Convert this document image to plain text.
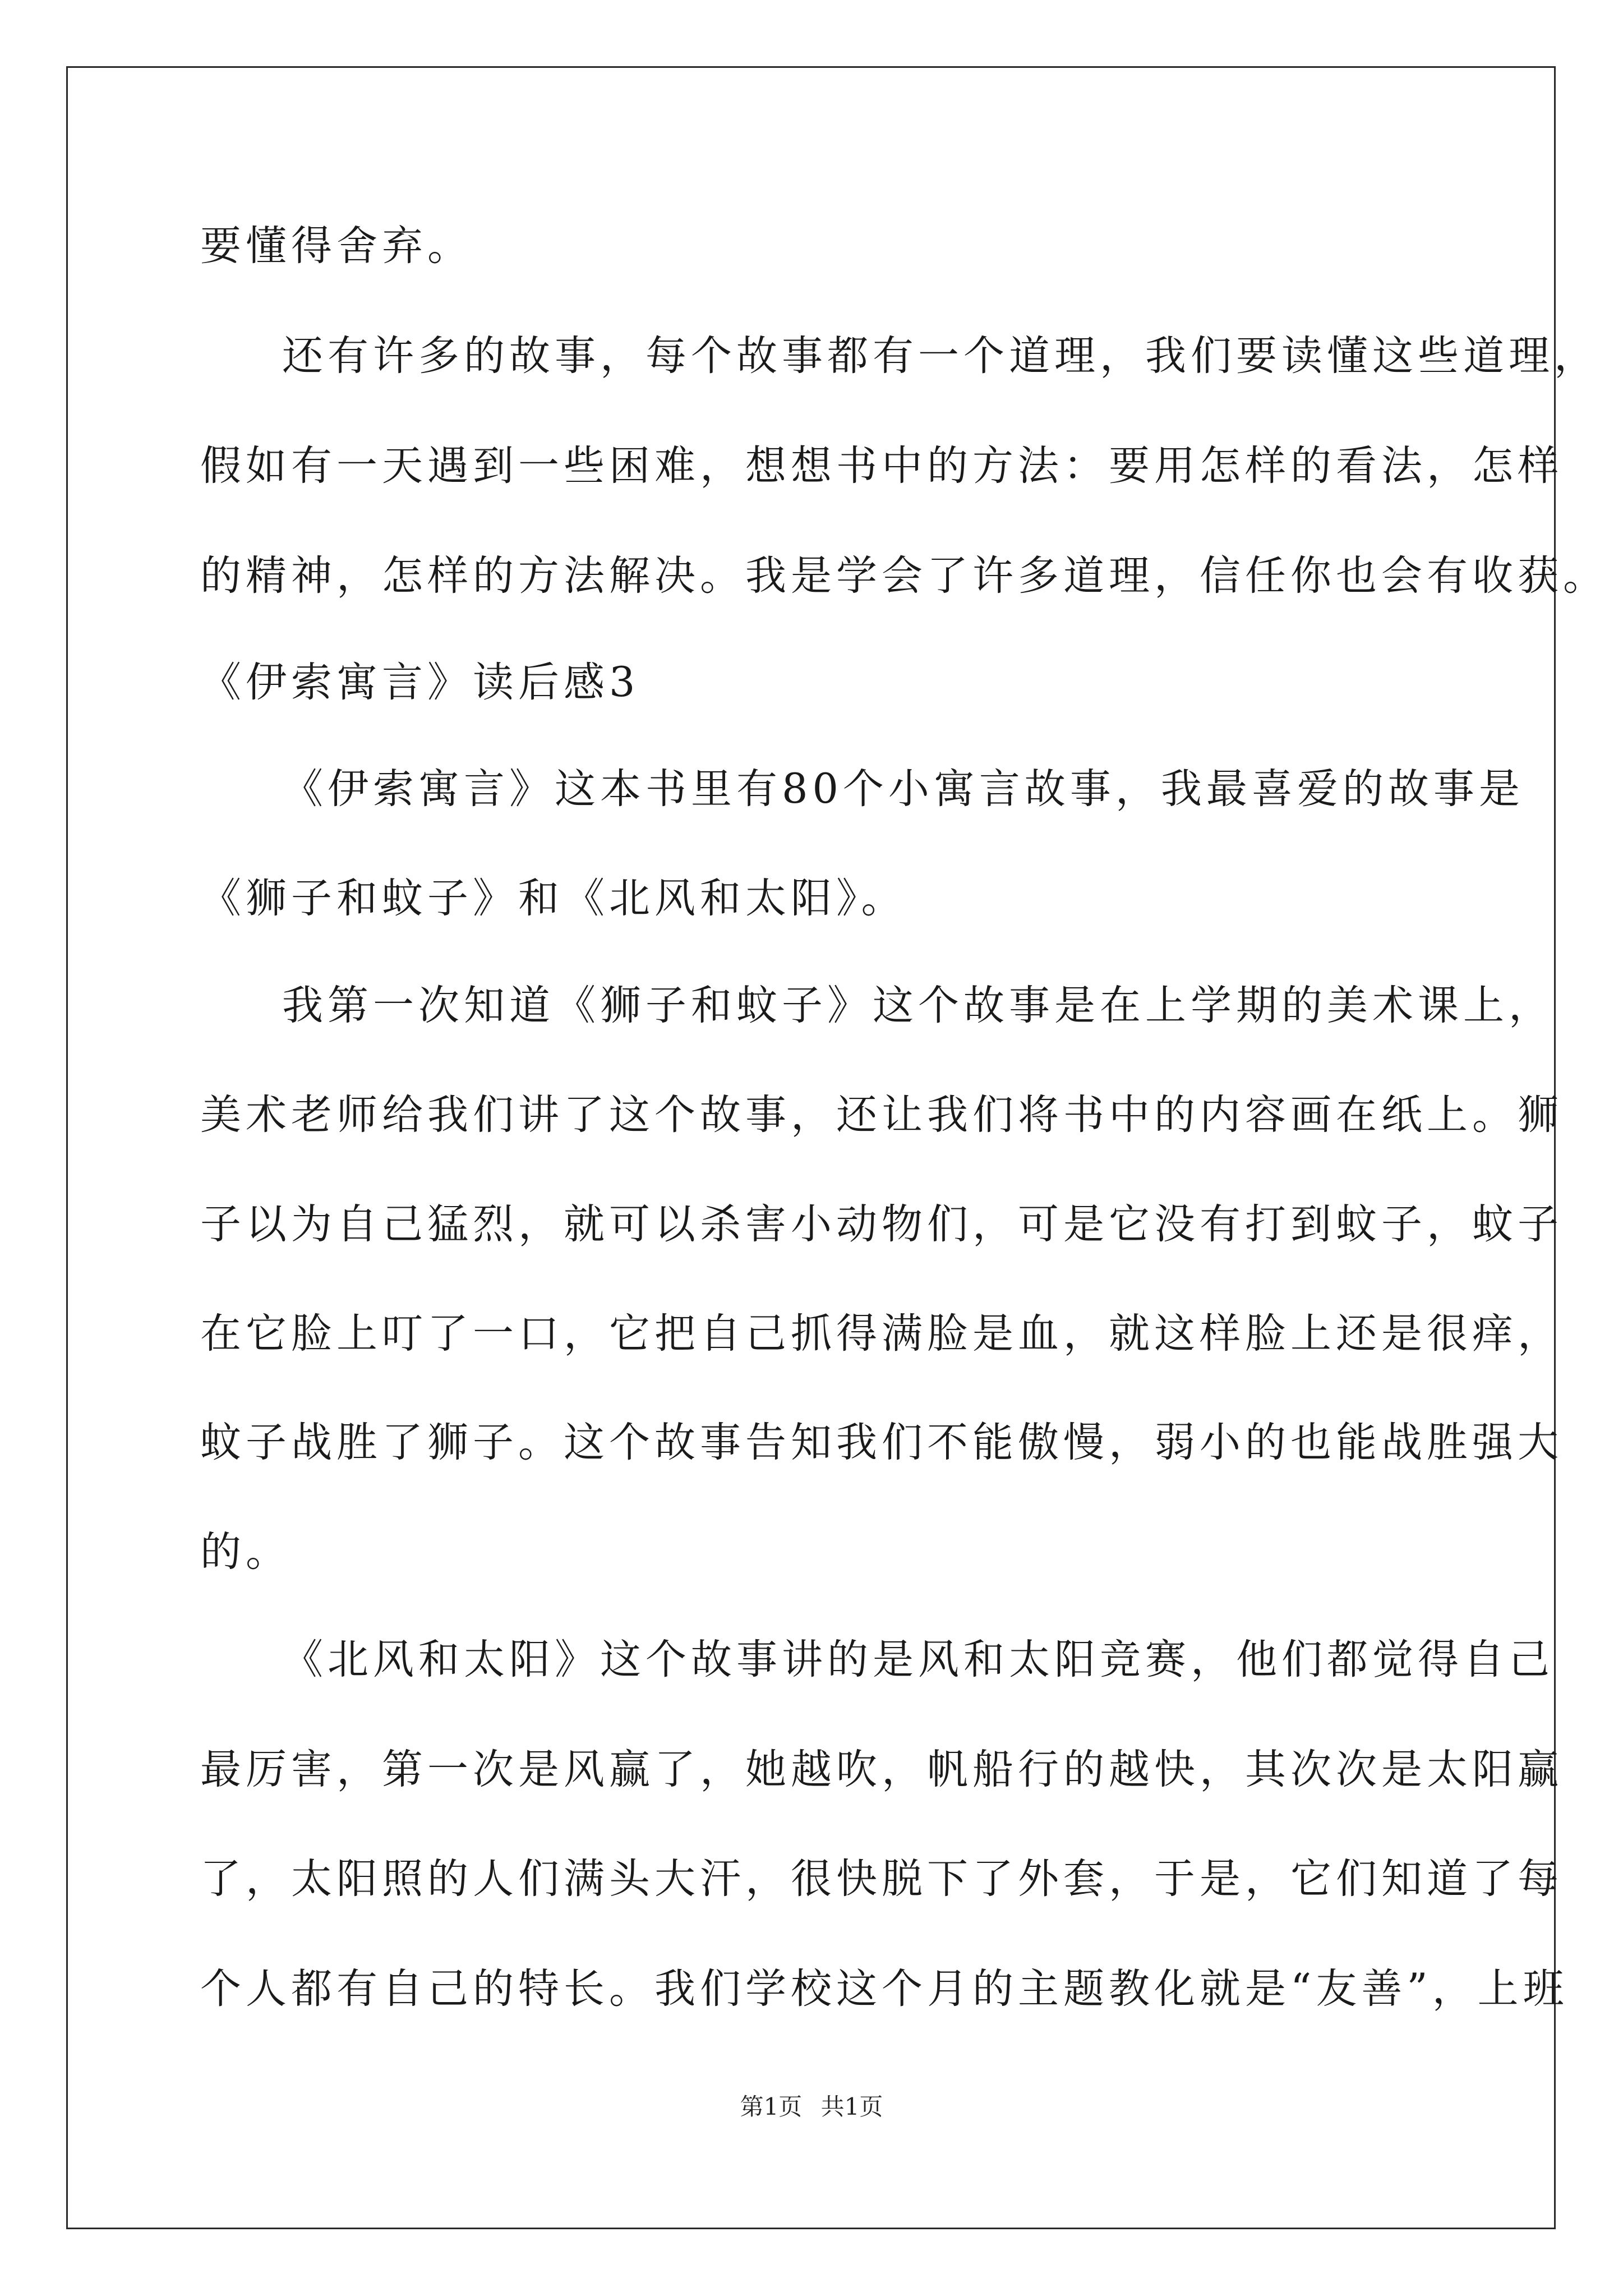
要懂得舍弃。
还有许多的故事，每个故事都有一个道理，我们要读懂这些道理，
假如有一天遇到一些困难，想想书中的方法：要用怎样的看法，怎样
的精神，怎样的方法解决。我是学会了许多道理，信任你也会有收获。
《伊索寓言》读后感3
《伊索寓言》这本书里有80个小寓言故事，我最喜爱的故事是
《狮子和蚊子》和《北风和太阳》。
我第一次知道《狮子和蚊子》这个故事是在上学期的美术课上，
美术老师给我们讲了这个故事，还让我们将书中的内容画在纸上。狮
子以为自己猛烈，就可以杀害小动物们，可是它没有打到蚊子，蚊子
在它脸上叮了一口，它把自己抓得满脸是血，就这样脸上还是很痒，
蚊子战胜了狮子。这个故事告知我们不能傲慢，弱小的也能战胜强大
的。
《北风和太阳》这个故事讲的是风和太阳竞赛，他们都觉得自己
最厉害，第一次是风赢了，她越吹，帆船行的越快，其次次是太阳赢
了，太阳照的人们满头大汗，很快脱下了外套，于是，它们知道了每
个人都有自己的特长。我们学校这个月的主题教化就是“友善”，上班
第1页 共1页
